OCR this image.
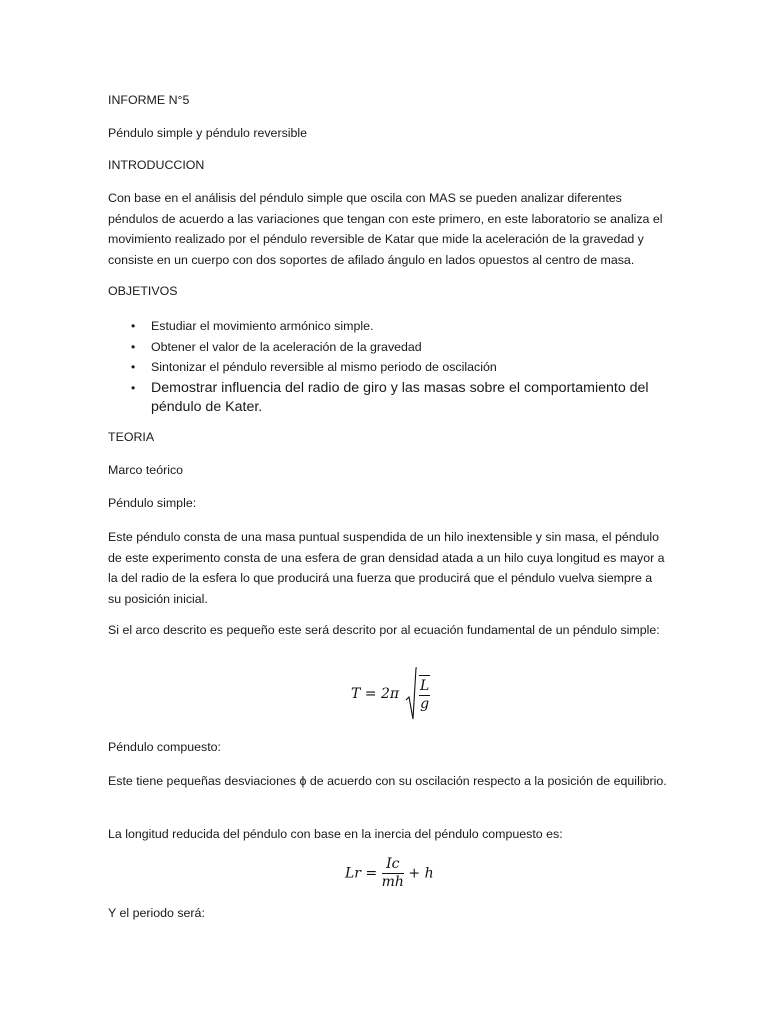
INFORME N°5

Péndulo simple y péndulo reversible

INTRODUCCION

Con base en el análisis del péndulo simple que oscila con MAS se pueden analizar diferentes péndulos de acuerdo a las variaciones que tengan con este primero, en este laboratorio se analiza el movimiento realizado por el péndulo reversible de Katar que mide la aceleración de la gravedad y consiste en un cuerpo con dos soportes de afilado ángulo en lados opuestos al centro de masa.

OBJETIVOS

• Estudiar el movimiento armónico simple.
• Obtener el valor de la aceleración de la gravedad
• Sintonizar el péndulo reversible al mismo periodo de oscilación
• Demostrar influencia del radio de giro y las masas sobre el comportamiento del péndulo de Kater.

TEORIA

Marco teórico

Péndulo simple:

Este péndulo consta de una masa puntual suspendida de un hilo inextensible y sin masa, el péndulo de este experimento consta de una esfera de gran densidad atada a un hilo cuya longitud es mayor a la del radio de la esfera lo que producirá una fuerza que producirá que el péndulo vuelva siempre a su posición inicial.

Si el arco descrito es pequeño este será descrito por al ecuación fundamental de un péndulo simple:

$T = 2\pi \frac{L}{g}$

Péndulo compuesto:

Este tiene pequeñas desviaciones ϕ de acuerdo con su oscilación respecto a la posición de equilibrio.

La longitud reducida del péndulo con base en la inercia del péndulo compuesto es:

$Lr = \frac{Ic}{mh} + h$

Y el periodo será:
